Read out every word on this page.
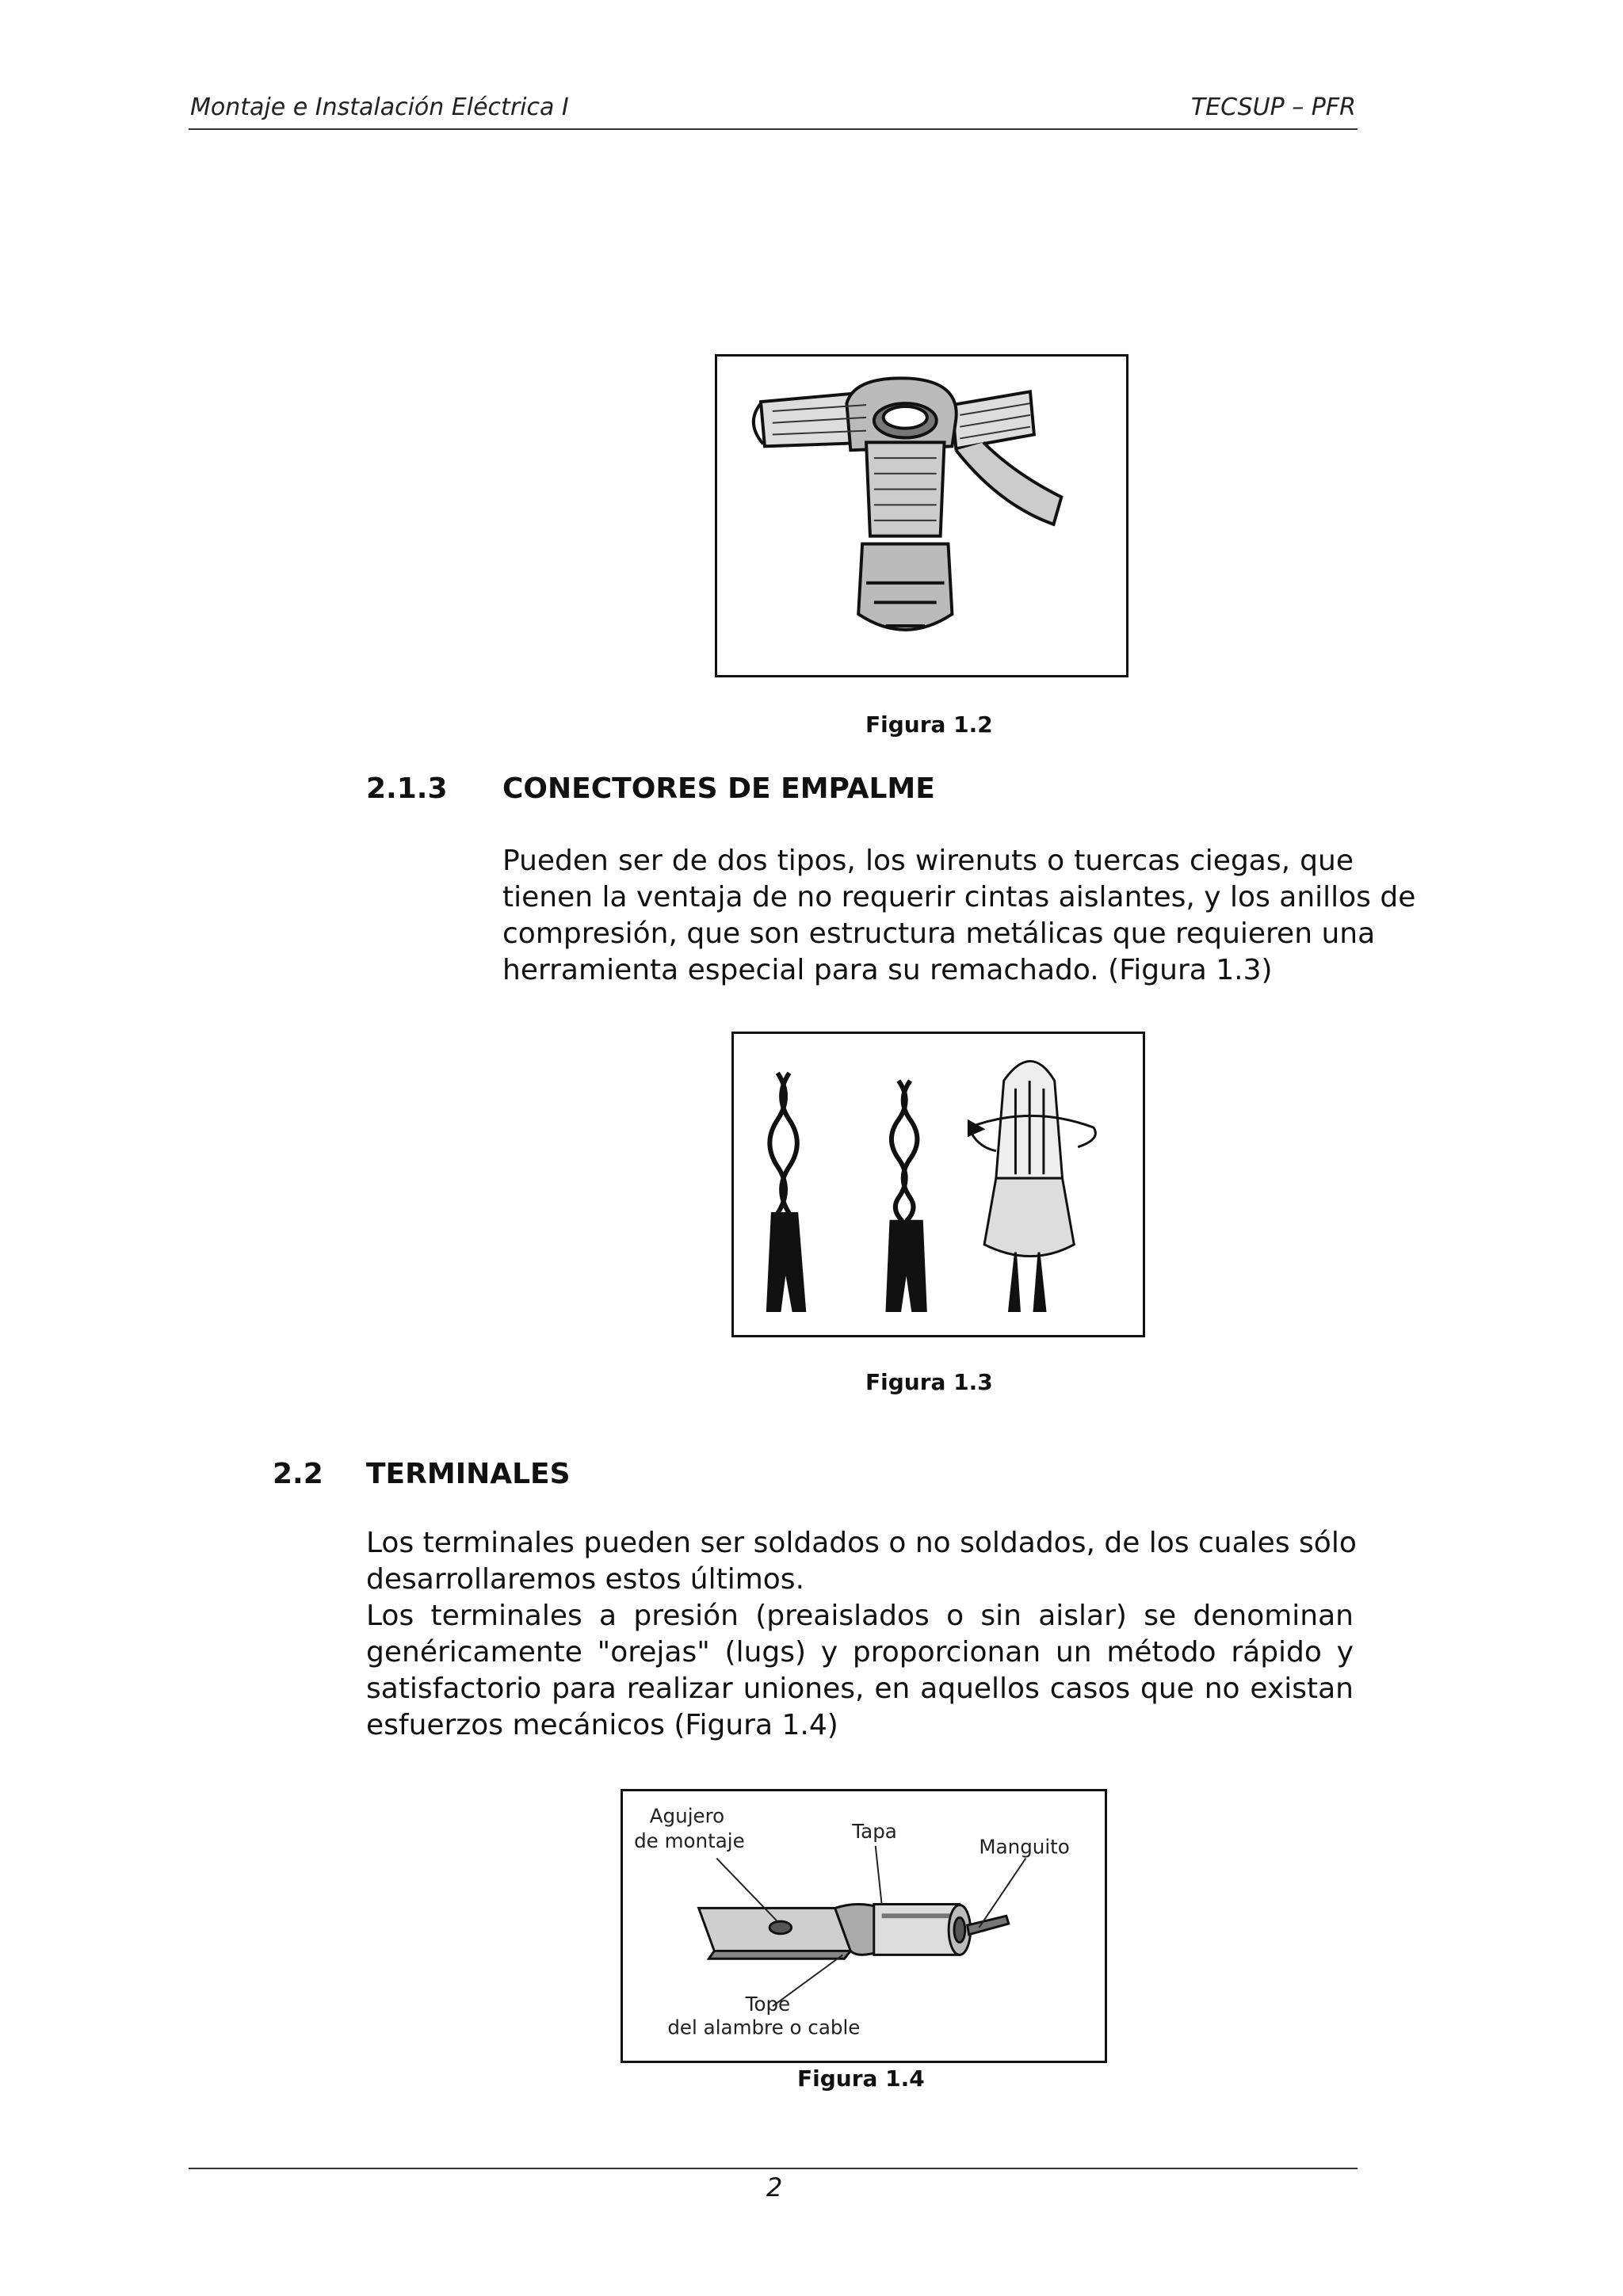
Montaje e Instalación Eléctrica I	TECSUP – PFR
Figura 1.2
2.1.3 CONECTORES DE EMPALME
Pueden ser de dos tipos, los wirenuts o tuercas ciegas, que
tienen la ventaja de no requerir cintas aislantes, y los anillos de
compresión, que son estructura metálicas que requieren una
herramienta especial para su remachado. (Figura 1.3)
Figura 1.3
2.2 TERMINALES
Los terminales pueden ser soldados o no soldados, de los cuales sólo
desarrollaremos estos últimos.
Los terminales a presión (preaislados o sin aislar) se denominan
genéricamente "orejas" (lugs) y proporcionan un método rápido y
satisfactorio para realizar uniones, en aquellos casos que no existan
esfuerzos mecánicos (Figura 1.4)
Agujero
de montaje	Tapa
Manguito
Tope
del alambre o cable
Figura 1.4
2
